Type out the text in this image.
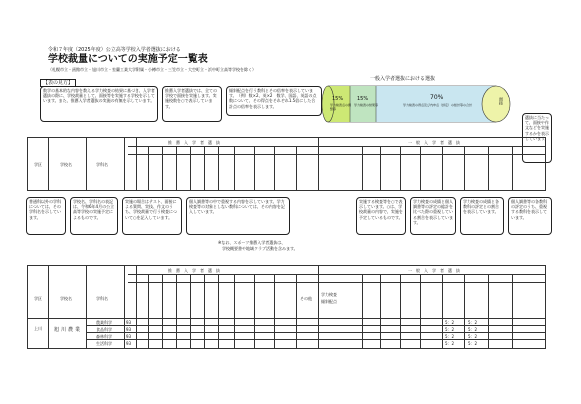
令和７年度（2025年度）公立高等学校入学者選抜における
学校裁量についての実施予定一覧表
（札幌市立・函館市立・旭川市立・室蘭工業大学附属・小樽市立・三笠市立・大空町立・浜中町立高等学校を除く）
一般入学者選抜における選抜
15%
学力検査点の調整等
15%
学力検査の結果等
70%
学力検査の得点及び内申点（評定）の総計等の合計	面接
【表の見方】
数学の基本的な内容を教える学力検査の結果に基づき、入学者選抜の際に、学校裁量として、面接等を実施する学校を示しています。また、推薦入学者選抜の実施の有無を示しています。
推薦入学者選抜では、全ての学校で面接を実施します。実施校数を○で表示しています。
傾斜配点を行う教科とその倍率を表示しています。（例）数×2、英×2　数学、国語、英語の点数について、その得点をそれぞれ1.5倍にした合計点の倍率を表示します。
選抜に当たって、面接や作文などを実施するかを表示しています。
学区	学校名	学科名
推　薦　入　学　者　選　抜	一　般　入　学　者　選　抜
普通科以外の学科については、その学科名を示しています。
学校名、学科名の表記は、令和6年4月の公立高等学校の実施予定によるものです。
実施の場合はテスト、面接による質問、実技、作文のうち、学校裁量で行う検査について○を記入しています。
個人調書等の中で重視する内容を示しています。学力検査等の対象としない教科については、その内容を記入しています。
実施する検査等を○で表示しています。○は、学校裁量の内容で、実施を予定しているものです。
学力検査の成績と個人調書等の評定の総計を比べた際の重視している割合を表示しています。
学力検査の成績と各教科の評定との割合を表示しています。
個人調書等の各教科の評定のうち、重視する教科を表示しています。
※なお、スポーツ推薦入学者選抜は、
学校概要書や地域クラブ活動を含みます。
学区	学校名	学科名
推　薦　入　学　者　選　抜	一　般　入　学　者　選　抜
学力検査
傾斜配点
その他
上川 旭川農業
農業科学	93	5：2	5：2
食品科学	93	5：2	5：2
森林科学	93	5：2	5：2
生活科学	93	5：2	5：2
